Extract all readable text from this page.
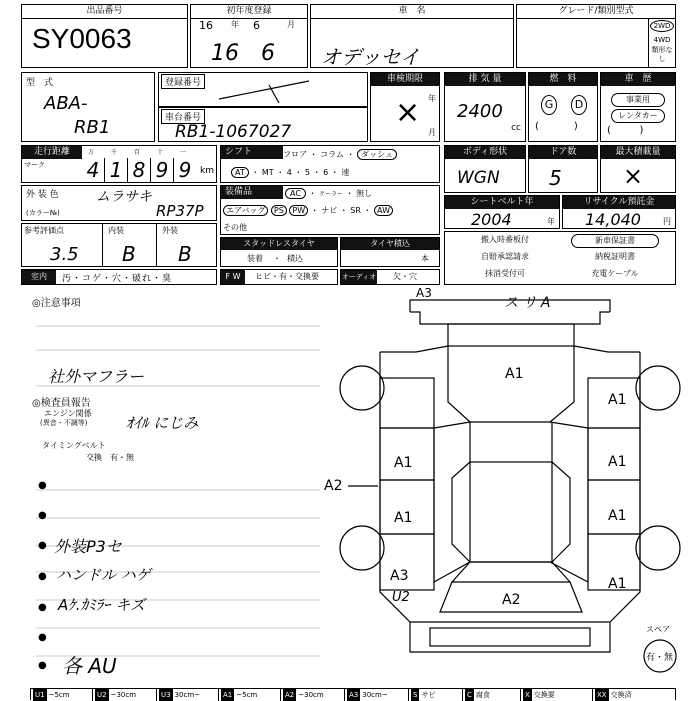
出品番号
SY0063
初年度登録
16 年 6	月
16 6
車　名
オデッセイ
グレード/類別型式
2WD
4WD
類形なし
型　式
ABA-
RB1
登録番号
車台番号
RB1-1067027
車検期限
年
月
×
排 気 量
2400
cc
燃　料
G	D
(           )
車　歴
事業用
レンタカー
(         )
走行距離
マーク 4 1 8 9 9
万	千	百	十	一
km
シフト	フロア ・ コラム ・ ダッシュ
AT ・ MT ・ 4 ・ 5 ・ 6 ・ 速
ボディ形状
WGN
ドア数
5
最大積載量
×
外 装 色	ムラサキ
(カラー№)	RP37P
装備品	AC ・ クーラー ・ 無し
エアバッグ PS PW ・ ナビ ・ SR ・ AW
その他
シートベルト年
2004	年
リサイクル預託金
14,040	円
参考評価点	内装	外装
3.5 B B	スタッドレスタイヤ
装着 ・ 積込
タイヤ積込
本
搬入時番板付	新車保証書
自賠承認請求	納税証明書
抹消受付可	充電ケーブル
室内	汚・コゲ・穴・破れ・臭	F W	ヒビ・有・交換要	オーディオ 欠・穴
◎注意事項
社外マフラー
◎検査員報告
エンジン関係
(異音・不調等)	ｵｲﾙ にじみ
タイミングベルト
交換　有・無
●
●
● 外装P3セ
● ハンドル ハゲ
● Aｹ.ｶﾐﾗｰ キズ
●
● 各 AU
A3
ス リ A
A1
A1
A1
A1
A1
A1
A1
A3
U2	A2
A2
スペア
有・無
U1 ~5cm	U2 ~30cm	U3 30cm~	A1 ~5cm	A2 ~30cm	A3 30cm~	S サビ	C 腐食	X 交換要	XX 交換済
